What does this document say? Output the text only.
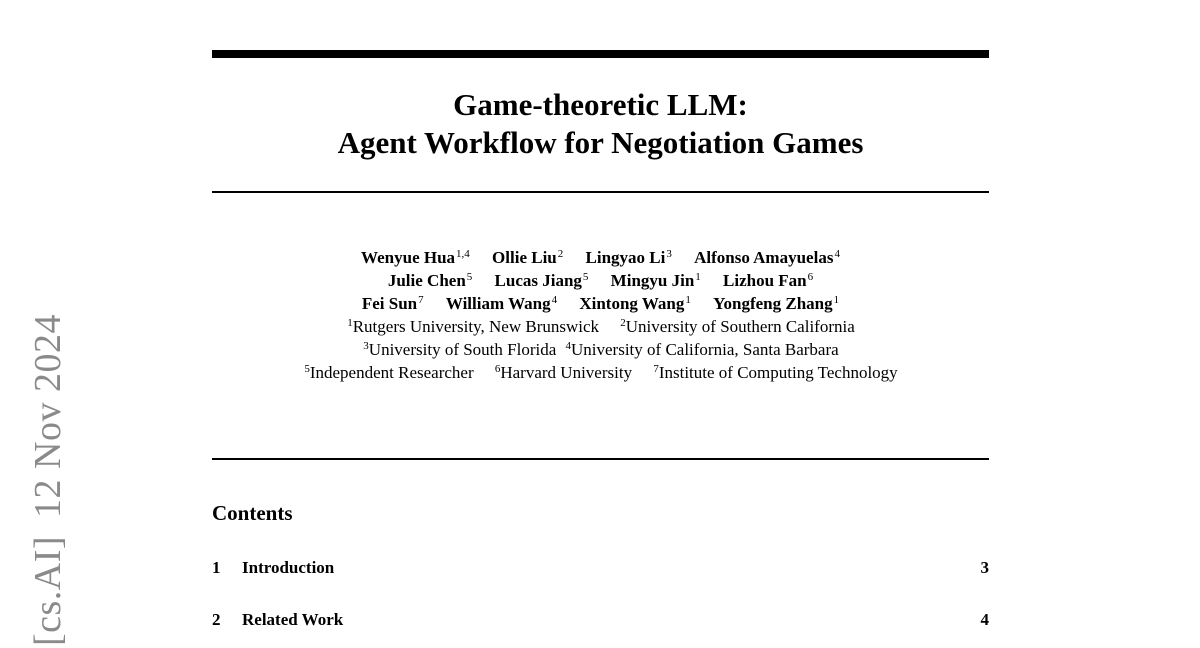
[cs.AI]12 Nov 2024
Game-theoretic LLM:
Agent Workflow for Negotiation Games
Wenyue Hua$^{1,4}$ Ollie Liu$^2$ Lingyao Li$^3$ Alfonso Amayuelas$^4$
Julie Chen$^5$ Lucas Jiang$^5$ Mingyu Jin$^1$ Lizhou Fan$^6$
Fei Sun$^7$ William Wang$^4$ Xintong Wang$^1$ Yongfeng Zhang$^1$
$^1$Rutgers University, New Brunswick $^2$University of Southern California
$^3$University of South Florida $^4$University of California, Santa Barbara
$^5$Independent Researcher $^6$Harvard University $^7$Institute of Computing Technology
Contents
1 Introduction	3
2 Related Work	4
